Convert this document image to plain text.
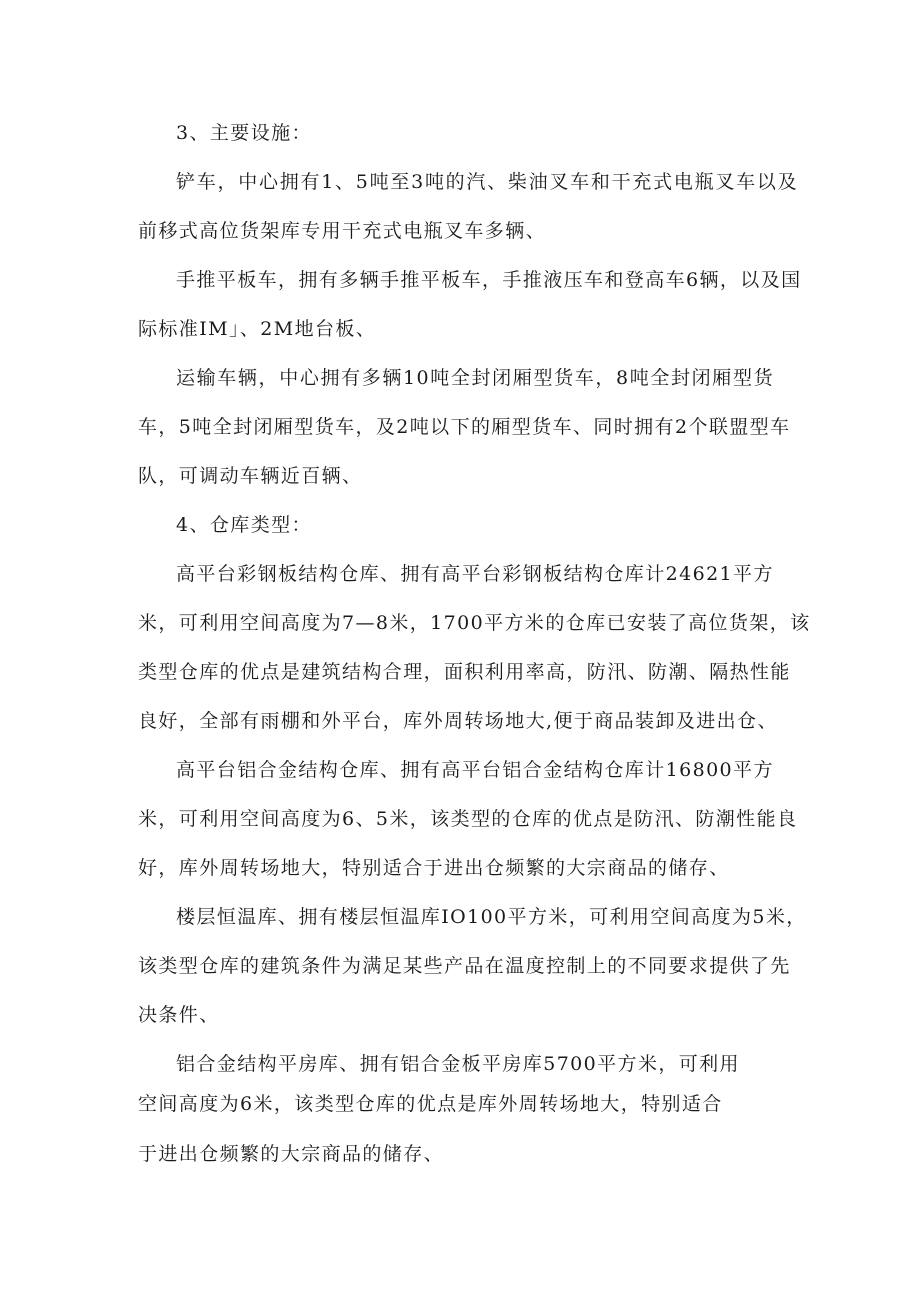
3、主要设施：
铲车，中心拥有1、5吨至3吨的汽、柴油叉车和干充式电瓶叉车以及
前移式高位货架库专用干充式电瓶叉车多辆、
手推平板车，拥有多辆手推平板车，手推液压车和登高车6辆，以及国
际标准IM」、2M地台板、
运输车辆，中心拥有多辆10吨全封闭厢型货车，8吨全封闭厢型货
车，5吨全封闭厢型货车，及2吨以下的厢型货车、同时拥有2个联盟型车
队，可调动车辆近百辆、
4、仓库类型：
高平台彩钢板结构仓库、拥有高平台彩钢板结构仓库计24621平方
米，可利用空间高度为7—8米，1700平方米的仓库已安装了高位货架，该
类型仓库的优点是建筑结构合理，面积利用率高，防汛、防潮、隔热性能
良好，全部有雨棚和外平台，库外周转场地大,便于商品装卸及进出仓、
高平台铝合金结构仓库、拥有高平台铝合金结构仓库计16800平方
米，可利用空间高度为6、5米，该类型的仓库的优点是防汛、防潮性能良
好，库外周转场地大，特别适合于进出仓频繁的大宗商品的储存、
楼层恒温库、拥有楼层恒温库IO100平方米，可利用空间高度为5米，
该类型仓库的建筑条件为满足某些产品在温度控制上的不同要求提供了先
决条件、
铝合金结构平房库、拥有铝合金板平房库5700平方米，可利用
空间高度为6米，该类型仓库的优点是库外周转场地大，特别适合
于进出仓频繁的大宗商品的储存、
